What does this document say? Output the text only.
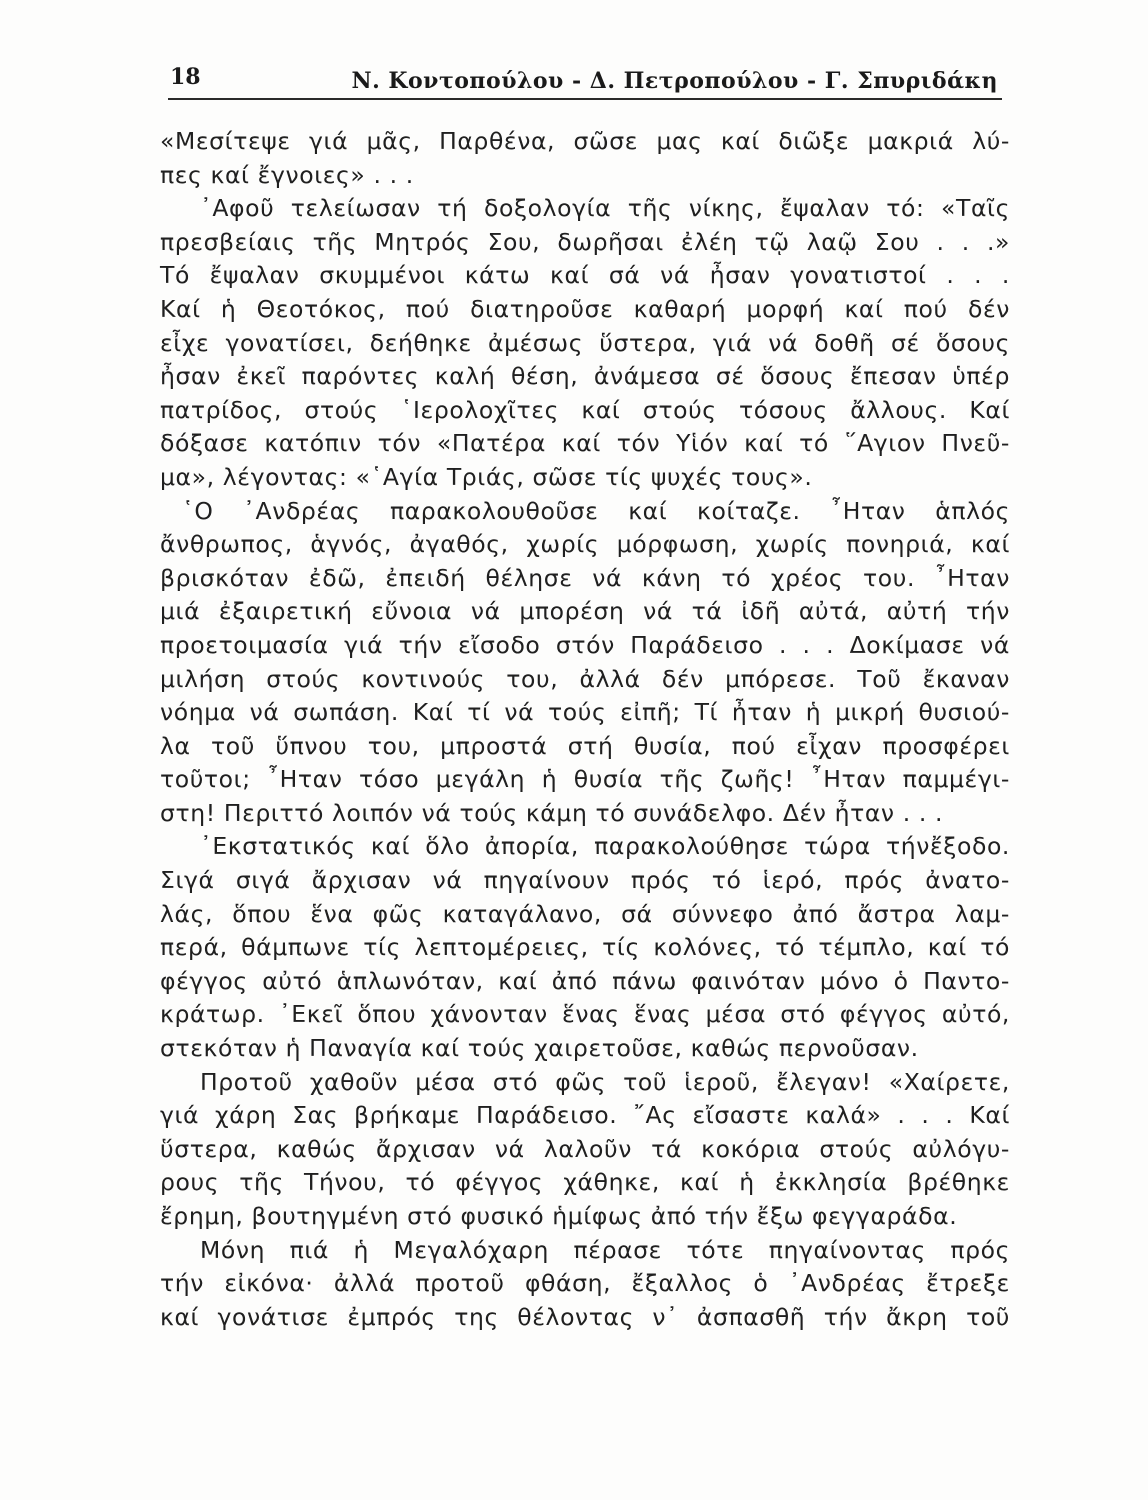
18	Ν. Κοντοπούλου - Δ. Πετροπούλου - Γ. Σπυριδάκη
«Μεσίτεψε γιά μᾶς, Παρθένα, σῶσε μας καί διῶξε μακριά λύ-
πες καί ἔγνοιες» . . .
᾿Αφοῦ τελείωσαν τή δοξολογία τῆς νίκης, ἔψαλαν τό: «Ταῖς
πρεσβείαις τῆς Μητρός Σου, δωρῆσαι ἐλέη τῷ λαῷ Σου . . .»
Τό ἔψαλαν σκυμμένοι κάτω καί σά νά ἦσαν γονατιστοί . . .
Καί ἡ Θεοτόκος, πού διατηροῦσε καθαρή μορφή καί πού δέν
εἶχε γονατίσει, δεήθηκε ἀμέσως ὕστερα, γιά νά δοθῆ σέ ὅσους
ἦσαν ἐκεῖ παρόντες καλή θέση, ἀνάμεσα σέ ὅσους ἔπεσαν ὑπέρ
πατρίδος, στούς ῾Ιερολοχῖτες καί στούς τόσους ἄλλους. Καί
δόξασε κατόπιν τόν «Πατέρα καί τόν Υἱόν καί τό ῞Αγιον Πνεῦ-
μα», λέγοντας: «῾Αγία Τριάς, σῶσε τίς ψυχές τους».
῾Ο ᾿Ανδρέας παρακολουθοῦσε καί κοίταζε. ῏Ηταν ἁπλός
ἄνθρωπος, ἁγνός, ἀγαθός, χωρίς μόρφωση, χωρίς πονηριά, καί
βρισκόταν ἐδῶ, ἐπειδή θέλησε νά κάνη τό χρέος του. ῏Ηταν
μιά ἐξαιρετική εὔνοια νά μπορέση νά τά ἰδῆ αὐτά, αὐτή τήν
προετοιμασία γιά τήν εἴσοδο στόν Παράδεισο . . . Δοκίμασε νά
μιλήση στούς κοντινούς του, ἀλλά δέν μπόρεσε. Τοῦ ἔκαναν
νόημα νά σωπάση. Καί τί νά τούς εἰπῆ; Τί ἦταν ἡ μικρή θυσιού-
λα τοῦ ὕπνου του, μπροστά στή θυσία, πού εἶχαν προσφέρει
τοῦτοι; ῏Ηταν τόσο μεγάλη ἡ θυσία τῆς ζωῆς! ῏Ηταν παμμέγι-
στη! Περιττό λοιπόν νά τούς κάμη τό συνάδελφο. Δέν ἦταν . . .
᾿Εκστατικός καί ὅλο ἀπορία, παρακολούθησε τώρα τήνἔξοδο.
Σιγά σιγά ἄρχισαν νά πηγαίνουν πρός τό ἱερό, πρός ἀνατο-
λάς, ὅπου ἕνα φῶς καταγάλανο, σά σύννεφο ἀπό ἄστρα λαμ-
περά, θάμπωνε τίς λεπτομέρειες, τίς κολόνες, τό τέμπλο, καί τό
φέγγος αὐτό ἁπλωνόταν, καί ἀπό πάνω φαινόταν μόνο ὁ Παντο-
κράτωρ. ᾿Εκεῖ ὅπου χάνονταν ἕνας ἕνας μέσα στό φέγγος αὐτό,
στεκόταν ἡ Παναγία καί τούς χαιρετοῦσε, καθώς περνοῦσαν.
Προτοῦ χαθοῦν μέσα στό φῶς τοῦ ἱεροῦ, ἔλεγαν! «Χαίρετε,
γιά χάρη Σας βρήκαμε Παράδεισο. ῎Ας εἴσαστε καλά» . . . Καί
ὕστερα, καθώς ἄρχισαν νά λαλοῦν τά κοκόρια στούς αὐλόγυ-
ρους τῆς Τήνου, τό φέγγος χάθηκε, καί ἡ ἐκκλησία βρέθηκε
ἔρημη, βουτηγμένη στό φυσικό ἡμίφως ἀπό τήν ἔξω φεγγαράδα.
Μόνη πιά ἡ Μεγαλόχαρη πέρασε τότε πηγαίνοντας πρός
τήν εἰκόνα· ἀλλά προτοῦ φθάση, ἔξαλλος ὁ ᾿Ανδρέας ἔτρεξε
καί γονάτισε ἐμπρός της θέλοντας ν᾿ ἀσπασθῆ τήν ἄκρη τοῦ
